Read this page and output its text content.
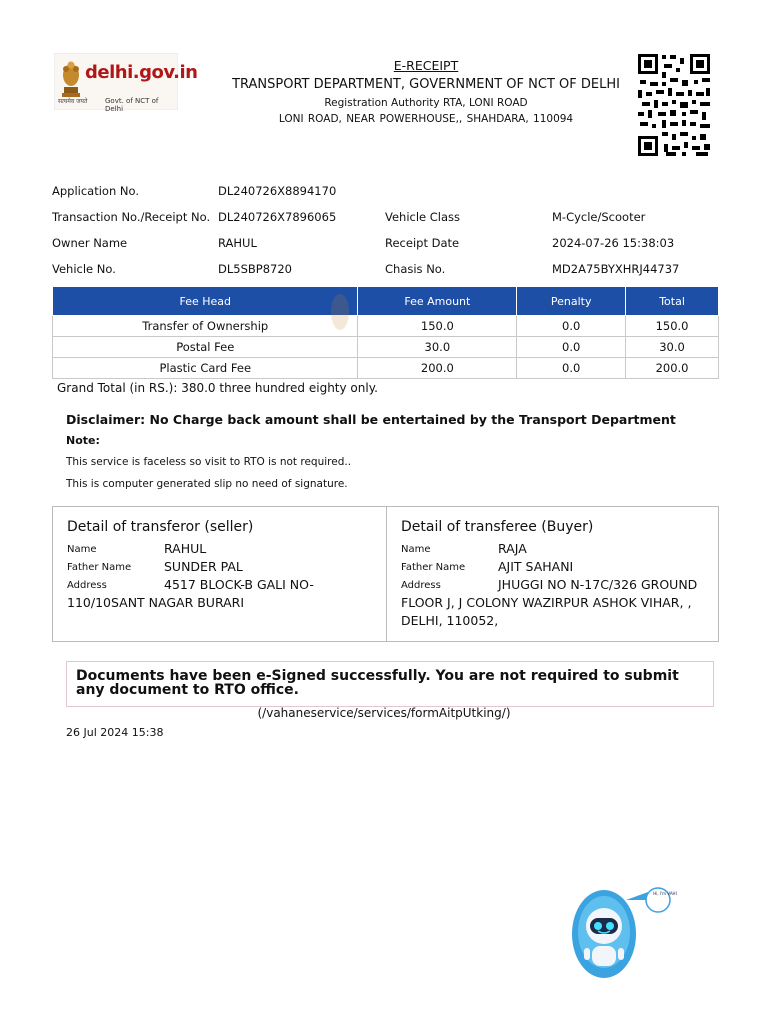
delhi.gov.in
सत्यमेव जयते	Govt. of NCT of Delhi
E-RECEIPT
TRANSPORT DEPARTMENT, GOVERNMENT OF NCT OF DELHI
Registration Authority RTA, LONI ROAD
LONI ROAD, NEAR POWERHOUSE,, SHAHDARA, 110094
Application No.	DL240726X8894170
Transaction No./Receipt No. DL240726X7896065	Vehicle Class	M-Cycle/Scooter
Owner Name	RAHUL	Receipt Date	2024-07-26 15:38:03
Vehicle No.	DL5SBP8720	Chasis No.	MD2A75BYXHRJ44737
Fee Head	Fee Amount	Penalty	Total
Transfer of Ownership	150.0	0.0	150.0
Postal Fee	30.0	0.0	30.0
Plastic Card Fee	200.0	0.0	200.0
Grand Total (in RS.): 380.0 three hundred eighty only.
Disclaimer: No Charge back amount shall be entertained by the Transport Department
Note:
This service is faceless so visit to RTO is not required..
This is computer generated slip no need of signature.
Detail of transferor (seller)
Name	RAHUL
Father Name	SUNDER PAL
Address	4517 BLOCK-B GALI NO-
110/10SANT NAGAR BURARI
Detail of transferee (Buyer)
Name	RAJA
Father Name	AJIT SAHANI
Address	JHUGGI NO N-17C/326 GROUND
FLOOR J, J COLONY WAZIRPUR ASHOK VIHAR, ,
DELHI, 110052,
Documents have been e-Signed successfully. You are not required to submit any document to RTO office.
(/vahaneservice/services/formAitpUtking/)
26 Jul 2024 15:38
Hi, I'm VAHI
